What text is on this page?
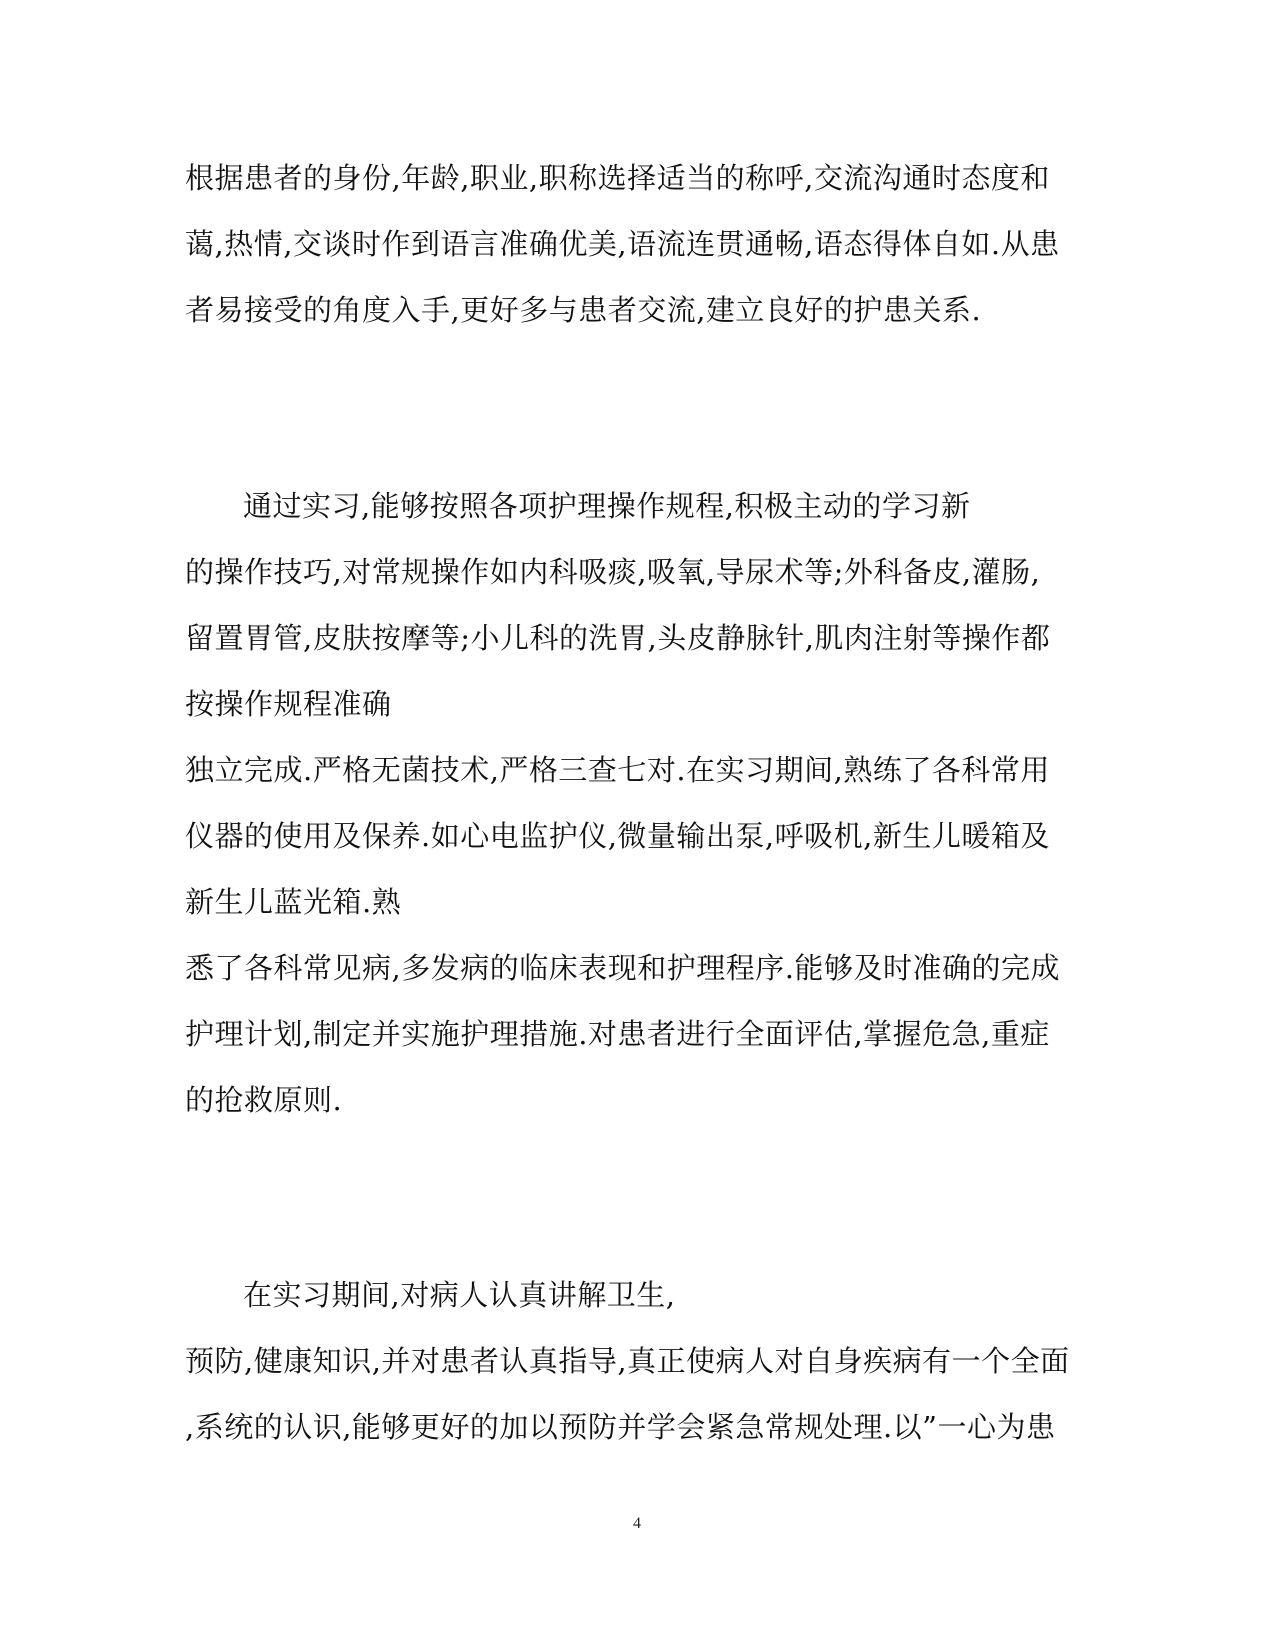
根据患者的身份,年龄,职业,职称选择适当的称呼,交流沟通时态度和
蔼,热情,交谈时作到语言准确优美,语流连贯通畅,语态得体自如.从患
者易接受的角度入手,更好多与患者交流,建立良好的护患关系.
通过实习,能够按照各项护理操作规程,积极主动的学习新
的操作技巧,对常规操作如内科吸痰,吸氧,导尿术等;外科备皮,灌肠,
留置胃管,皮肤按摩等;小儿科的洗胃,头皮静脉针,肌肉注射等操作都
按操作规程准确
独立完成.严格无菌技术,严格三查七对.在实习期间,熟练了各科常用
仪器的使用及保养.如心电监护仪,微量输出泵,呼吸机,新生儿暖箱及
新生儿蓝光箱.熟
悉了各科常见病,多发病的临床表现和护理程序.能够及时准确的完成
护理计划,制定并实施护理措施.对患者进行全面评估,掌握危急,重症
的抢救原则.
在实习期间,对病人认真讲解卫生,
预防,健康知识,并对患者认真指导,真正使病人对自身疾病有一个全面
,系统的认识,能够更好的加以预防并学会紧急常规处理.以”一心为患
4
